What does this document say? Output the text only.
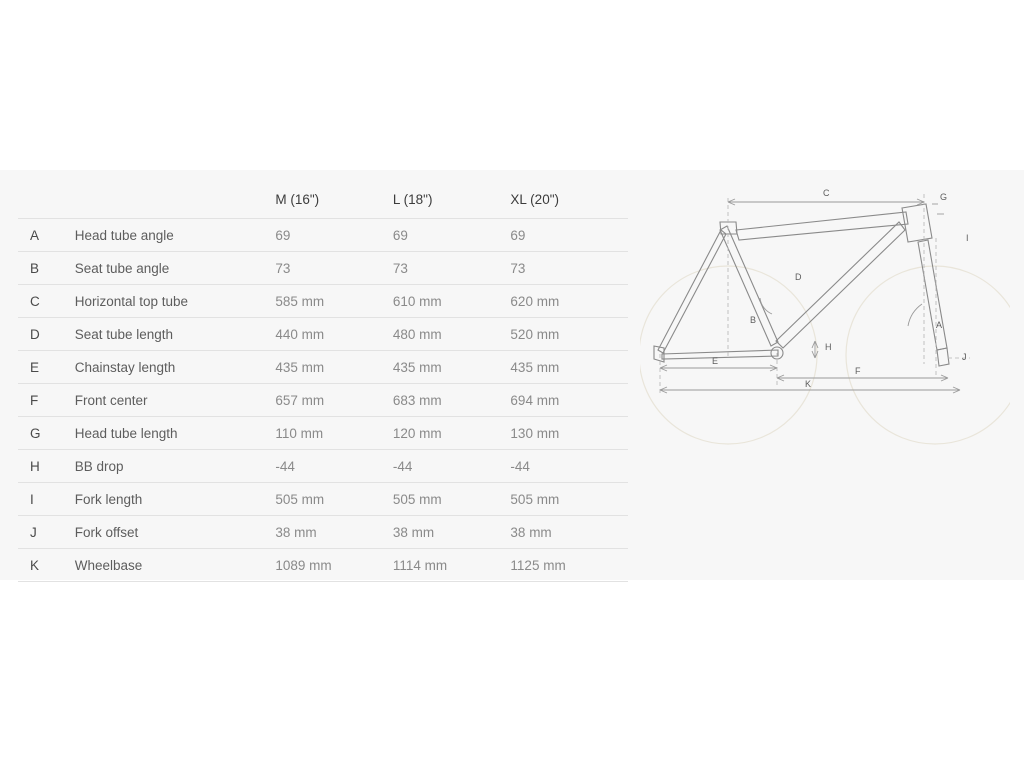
		M (16")	L (18")	XL (20")
A	Head tube angle	69	69	69
B	Seat tube angle	73	73	73
C	Horizontal top tube	585 mm	610 mm	620 mm
D	Seat tube length	440 mm	480 mm	520 mm
E	Chainstay length	435 mm	435 mm	435 mm
F	Front center	657 mm	683 mm	694 mm
G	Head tube length	110 mm	120 mm	130 mm
H	BB drop	-44	-44	-44
I	Fork length	505 mm	505 mm	505 mm
J	Fork offset	38 mm	38 mm	38 mm
K	Wheelbase	1089 mm	1114 mm	1125 mm
C	G
I
D
B	A
H
J
E
F
K
